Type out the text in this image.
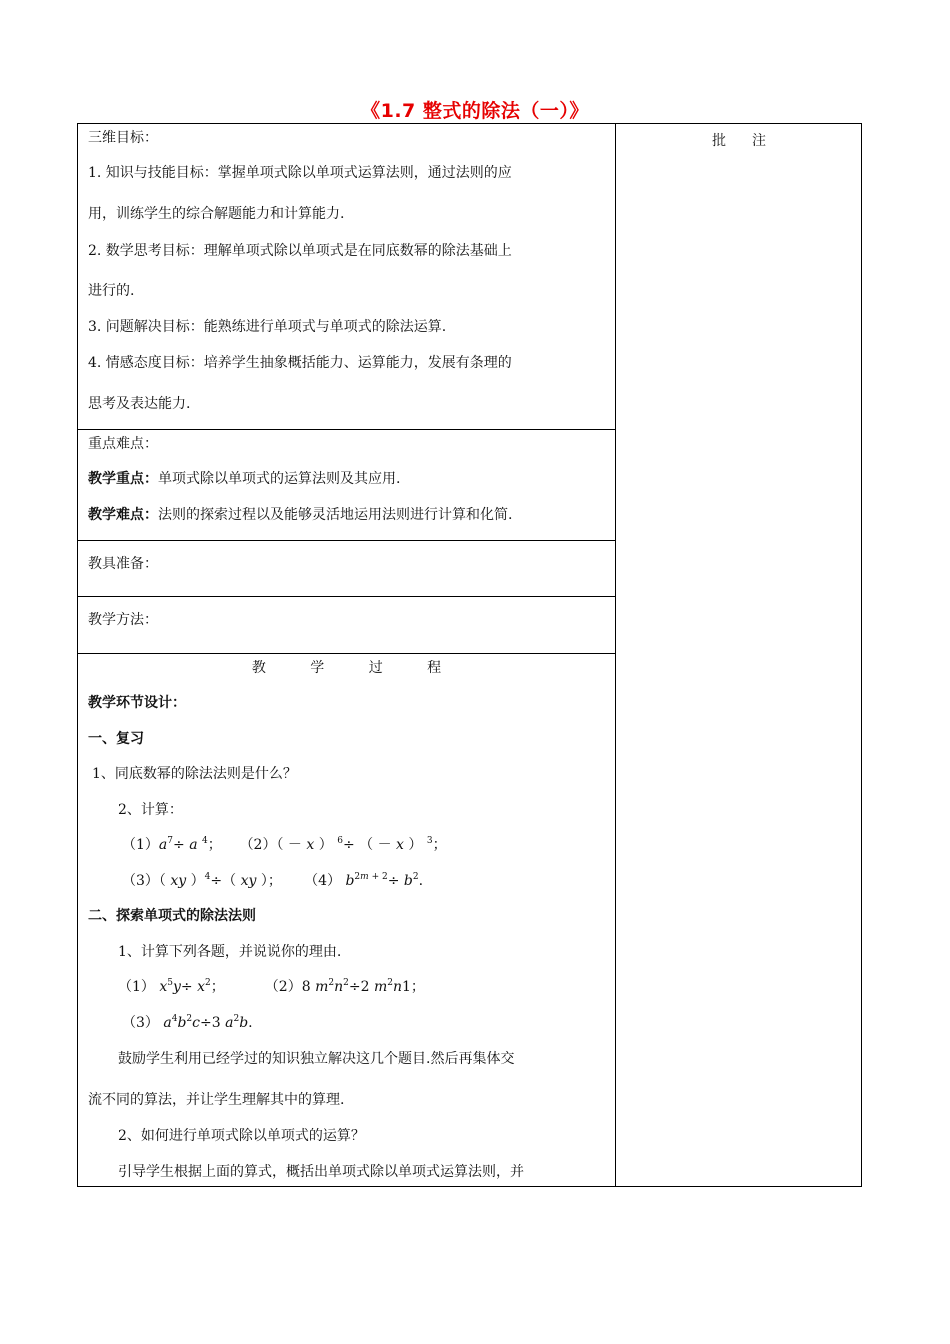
《1.7 整式的除法（一）》
批注
三维目标：
1. 知识与技能目标：掌握单项式除以单项式运算法则，通过法则的应
用，训练学生的综合解题能力和计算能力.
2. 数学思考目标：理解单项式除以单项式是在同底数幂的除法基础上
进行的.
3. 问题解决目标：能熟练进行单项式与单项式的除法运算.
4. 情感态度目标：培养学生抽象概括能力、运算能力，发展有条理的
思考及表达能力.
重点难点：
教学重点：单项式除以单项式的运算法则及其应用.
教学难点：法则的探索过程以及能够灵活地运用法则进行计算和化简.
教具准备：
教学方法：
教	学	过	程
教学环节设计：
一、复习
1、同底数幂的除法法则是什么？
2、计算：
$(1)a^7\div a$ $^4$；    （2）（ － x ） $^6$÷ （ － x ） $^3$；
（3）（ xy ）$^4$÷（ xy ）；     （4） $b^{2m + 2}\div b^2$.
二、探索单项式的除法法则
1、计算下列各题，并说说你的理由.
（1） $x^5y\div x^2$；         （2）8 $m^2n^2\div 2$ $m^2n1$；
（3） $a^4b^2c\div 3$ $a^2b$.
鼓励学生利用已经学过的知识独立解决这几个题目.然后再集体交
流不同的算法，并让学生理解其中的算理.
2、如何进行单项式除以单项式的运算？
引导学生根据上面的算式，概括出单项式除以单项式运算法则，并
